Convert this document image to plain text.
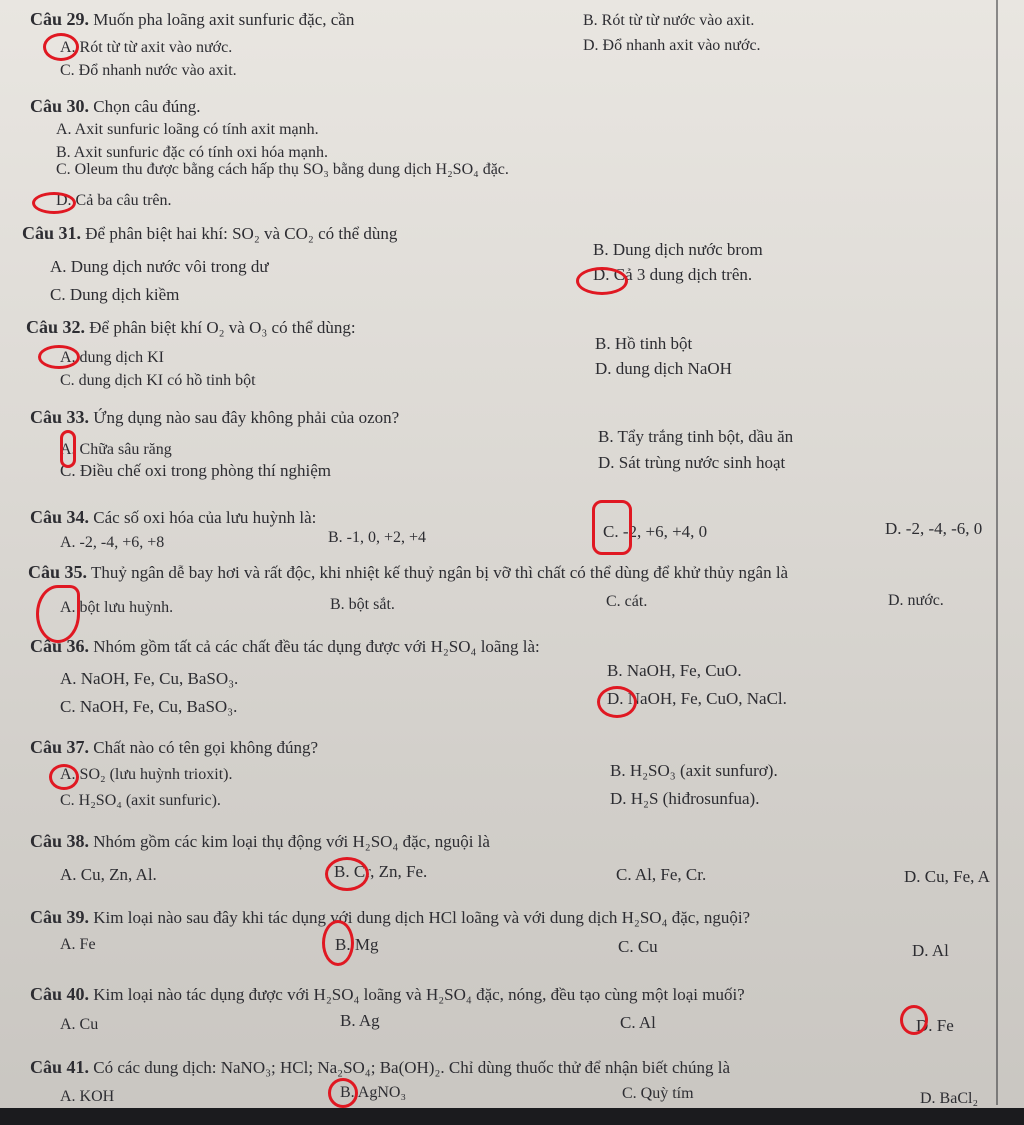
Câu 29. Muốn pha loãng axit sunfuric đặc, cần
A. Rót từ từ axit vào nước.
B. Rót từ từ nước vào axit.
C. Đổ nhanh nước vào axit.
D. Đổ nhanh axit vào nước.
Câu 30. Chọn câu đúng.
A. Axit sunfuric loãng có tính axit mạnh.
B. Axit sunfuric đặc có tính oxi hóa mạnh.
C. Oleum thu được bằng cách hấp thụ SO₃ bằng dung dịch H₂SO₄ đặc.
D. Cả ba câu trên.
Câu 31. Để phân biệt hai khí: SO₂ và CO₂ có thể dùng
A. Dung dịch nước vôi trong dư
B. Dung dịch nước brom
C. Dung dịch kiềm
D. Cả 3 dung dịch trên.
Câu 32. Để phân biệt khí O₂ và O₃ có thể dùng:
A. dung dịch KI
B. Hồ tinh bột
C. dung dịch KI có hồ tinh bột
D. dung dịch NaOH
Câu 33. Ứng dụng nào sau đây không phải của ozon?
A. Chữa sâu răng
B. Tẩy trắng tinh bột, dầu ăn
C. Điều chế oxi trong phòng thí nghiệm	D. Sát trùng nước sinh hoạt
Câu 34. Các số oxi hóa của lưu huỳnh là:
A. -2, -4, +6, +8	B. -1, 0, +2, +4	C. -2, +6, +4, 0	D. -2, -4, -6, 0
Câu 35. Thuỷ ngân dễ bay hơi và rất độc, khi nhiệt kế thuỷ ngân bị vỡ thì chất có thể dùng để khử thủy ngân là
A. bột lưu huỳnh.	B. bột sắt.	C. cát.	D. nước.
Câu 36. Nhóm gồm tất cả các chất đều tác dụng được với H₂SO₄ loãng là:
A. NaOH, Fe, Cu, BaSO₃.	B. NaOH, Fe, CuO.
C. NaOH, Fe, Cu, BaSO₃.	D. NaOH, Fe, CuO, NaCl.
Câu 37. Chất nào có tên gọi không đúng?
A. SO₂ (lưu huỳnh trioxit).	B. H₂SO₃ (axit sunfurơ).
C. H₂SO₄ (axit sunfuric).	D. H₂S (hiđrosunfua).
Câu 38. Nhóm gồm các kim loại thụ động với H₂SO₄ đặc, nguội là
A. Cu, Zn, Al.	B. Cr, Zn, Fe.	C. Al, Fe, Cr.	D. Cu, Fe, A
Câu 39. Kim loại nào sau đây khi tác dụng với dung dịch HCl loãng và với dung dịch H₂SO₄ đặc, nguội?
A. Fe	B. Mg	C. Cu	D. Al
Câu 40. Kim loại nào tác dụng được với H₂SO₄ loãng và H₂SO₄ đặc, nóng, đều tạo cùng một loại muối?
A. Cu	B. Ag	C. Al	D. Fe
Câu 41. Có các dung dịch: NaNO₃; HCl; Na₂SO₄; Ba(OH)₂. Chỉ dùng thuốc thử để nhận biết chúng là
A. KOH	B. AgNO₃	C. Quỳ tím	D. BaCl₂
